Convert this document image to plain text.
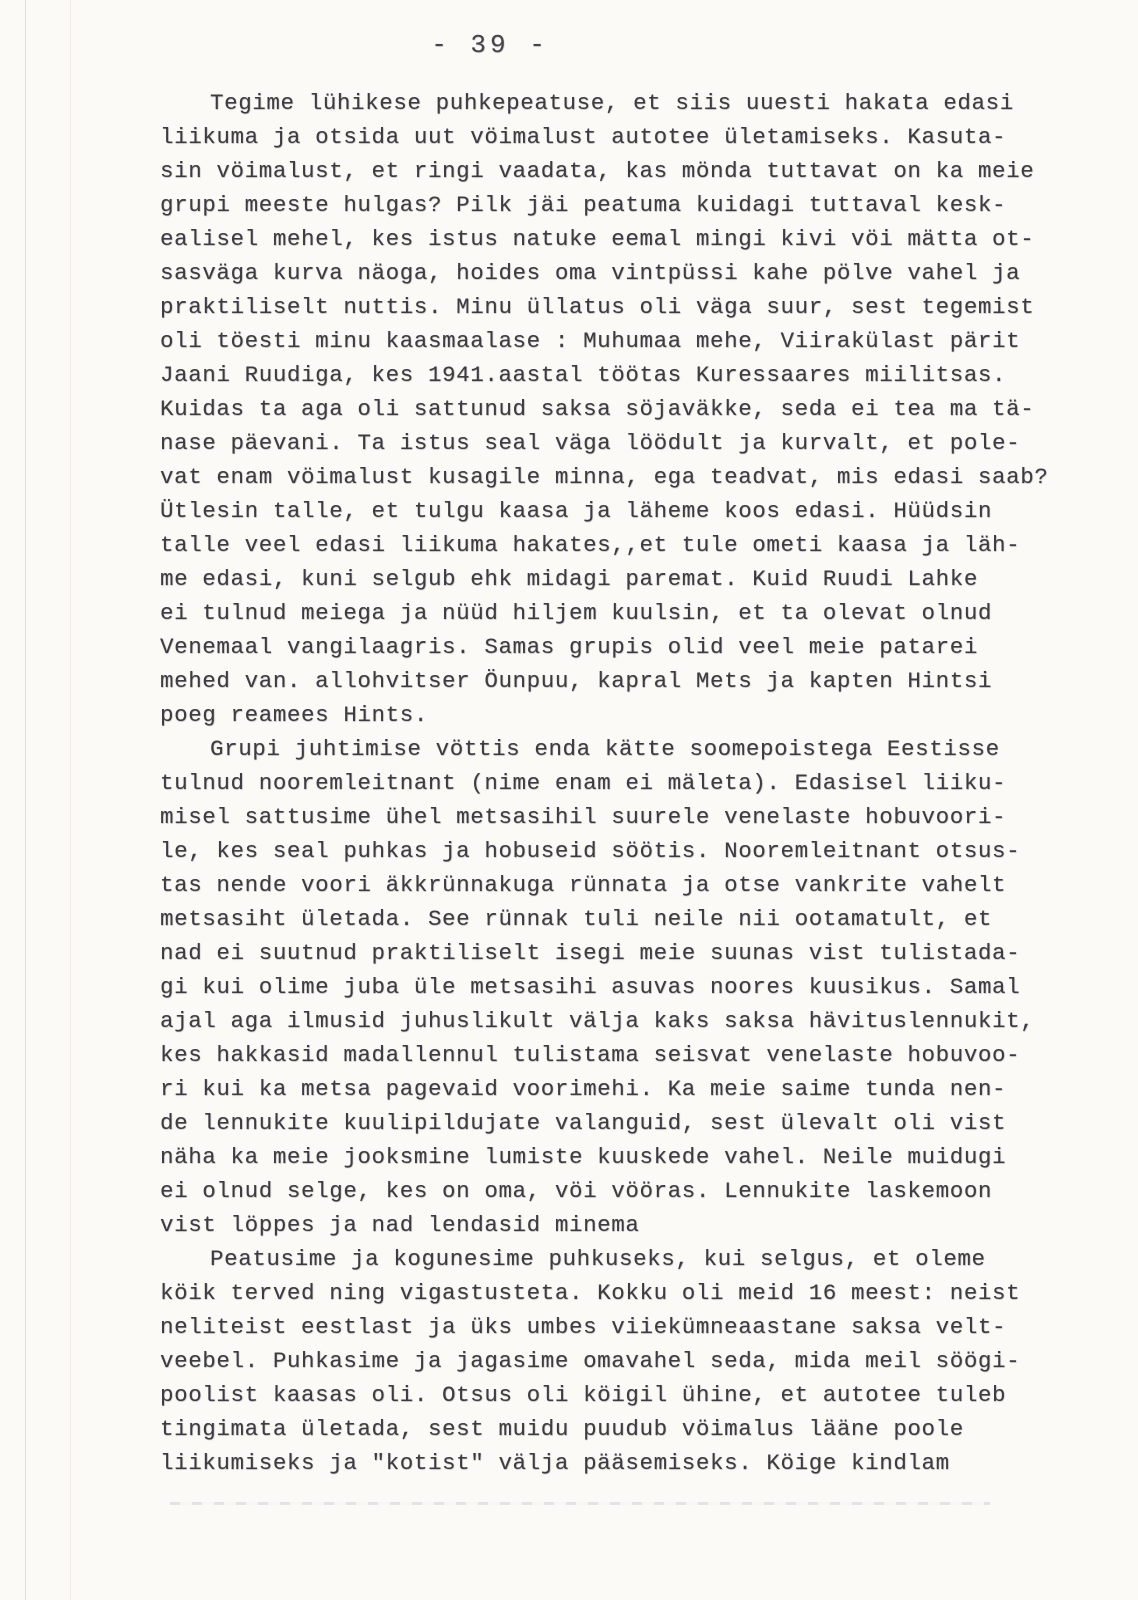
- 39 -
Tegime lühikese puhkepeatuse, et siis uuesti hakata edasi
liikuma ja otsida uut vöimalust autotee ületamiseks. Kasuta-
sin vöimalust, et ringi vaadata, kas mönda tuttavat on ka meie
grupi meeste hulgas? Pilk jäi peatuma kuidagi tuttaval kesk-
ealisel mehel, kes istus natuke eemal mingi kivi vöi mätta ot-
sasväga kurva näoga, hoides oma vintpüssi kahe pölve vahel ja
praktiliselt nuttis. Minu üllatus oli väga suur, sest tegemist
oli töesti minu kaasmaalase : Muhumaa mehe, Viirakülast pärit
Jaani Ruudiga, kes 1941.aastal töötas Kuressaares miilitsas.
Kuidas ta aga oli sattunud saksa söjaväkke, seda ei tea ma tä-
nase päevani. Ta istus seal väga löödult ja kurvalt, et pole-
vat enam vöimalust kusagile minna, ega teadvat, mis edasi saab?
Ütlesin talle, et tulgu kaasa ja läheme koos edasi. Hüüdsin
talle veel edasi liikuma hakates,,et tule ometi kaasa ja läh-
me edasi, kuni selgub ehk midagi paremat. Kuid Ruudi Lahke
ei tulnud meiega ja nüüd hiljem kuulsin, et ta olevat olnud
Venemaal vangilaagris. Samas grupis olid veel meie patarei
mehed van. allohvitser Öunpuu, kapral Mets ja kapten Hintsi
poeg reamees Hints.
Grupi juhtimise vöttis enda kätte soomepoistega Eestisse
tulnud nooremleitnant (nime enam ei mäleta). Edasisel liiku-
misel sattusime ühel metsasihil suurele venelaste hobuvoori-
le, kes seal puhkas ja hobuseid söötis. Nooremleitnant otsus-
tas nende voori äkkrünnakuga rünnata ja otse vankrite vahelt
metsasiht ületada. See rünnak tuli neile nii ootamatult, et
nad ei suutnud praktiliselt isegi meie suunas vist tulistada-
gi kui olime juba üle metsasihi asuvas noores kuusikus. Samal
ajal aga ilmusid juhuslikult välja kaks saksa hävituslennukit,
kes hakkasid madallennul tulistama seisvat venelaste hobuvoo-
ri kui ka metsa pagevaid voorimehi. Ka meie saime tunda nen-
de lennukite kuulipildujate valanguid, sest ülevalt oli vist
näha ka meie jooksmine lumiste kuuskede vahel. Neile muidugi
ei olnud selge, kes on oma, vöi vööras. Lennukite laskemoon
vist löppes ja nad lendasid minema
Peatusime ja kogunesime puhkuseks, kui selgus, et oleme
köik terved ning vigastusteta. Kokku oli meid 16 meest: neist
neliteist eestlast ja üks umbes viiekümneaastane saksa velt-
veebel. Puhkasime ja jagasime omavahel seda, mida meil söögi-
poolist kaasas oli. Otsus oli köigil ühine, et autotee tuleb
tingimata ületada, sest muidu puudub vöimalus lääne poole
liikumiseks ja "kotist" välja pääsemiseks. Köige kindlam
